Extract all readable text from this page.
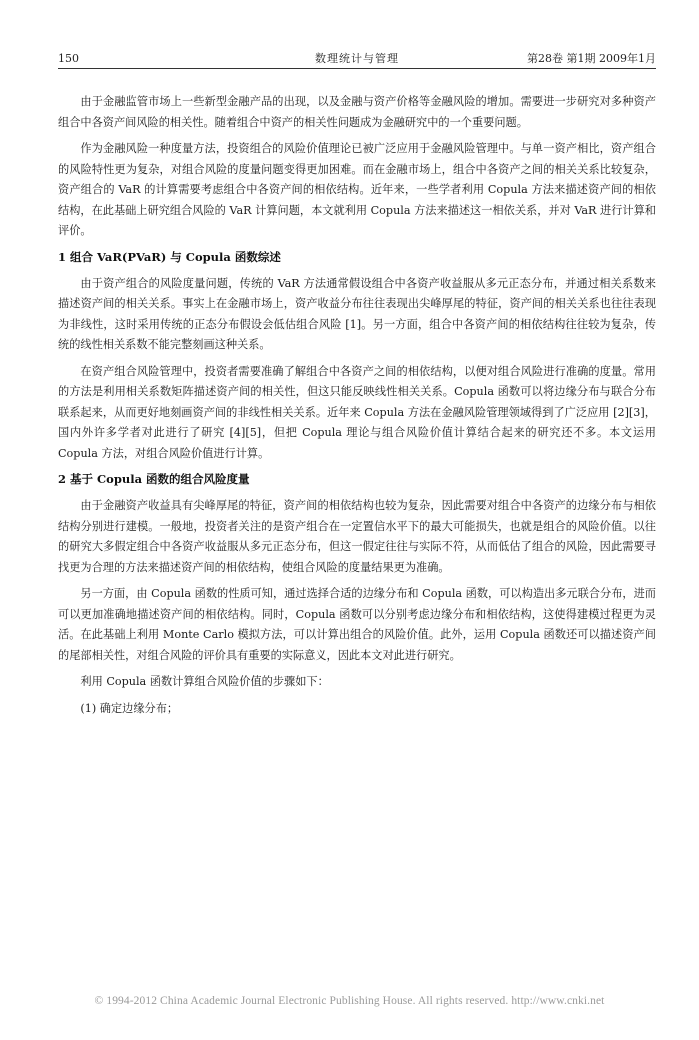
150	数理统计与管理	第28卷 第1期 2009年1月

由于金融监管市场上一些新型金融产品的出现，以及金融与资产价格等金融风险的增加。需要进一步研究对多种资产组合中各资产间风险的相关性。随着组合中资产的相关性问题成为金融研究中的一个重要问题。

作为金融风险一种度量方法，投资组合的风险价值理论已被广泛应用于金融风险管理中。与单一资产相比，资产组合的风险特性更为复杂，对组合风险的度量问题变得更加困难。而在金融市场上，组合中各资产之间的相关关系比较复杂，资产组合的 VaR 的计算需要考虑组合中各资产间的相依结构。近年来，一些学者利用 Copula 方法来描述资产间的相依结构，在此基础上研究组合风险的 VaR 计算问题，本文就利用 Copula 方法来描述这一相依关系，并对 VaR 进行计算和评价。

1 组合 VaR(PVaR) 与 Copula 函数综述

由于资产组合的风险度量问题，传统的 VaR 方法通常假设组合中各资产收益服从多元正态分布，并通过相关系数来描述资产间的相关关系。事实上在金融市场上，资产收益分布往往表现出尖峰厚尾的特征，资产间的相关关系也往往表现为非线性，这时采用传统的正态分布假设会低估组合风险 [1]。另一方面，组合中各资产间的相依结构往往较为复杂，传统的线性相关系数不能完整刻画这种关系。

在资产组合风险管理中，投资者需要准确了解组合中各资产之间的相依结构，以便对组合风险进行准确的度量。常用的方法是利用相关系数矩阵描述资产间的相关性，但这只能反映线性相关关系。Copula 函数可以将边缘分布与联合分布联系起来，从而更好地刻画资产间的非线性相关关系。近年来 Copula 方法在金融风险管理领域得到了广泛应用 [2][3]，国内外许多学者对此进行了研究 [4][5]，但把 Copula 理论与组合风险价值计算结合起来的研究还不多。本文运用 Copula 方法，对组合风险价值进行计算。

2 基于 Copula 函数的组合风险度量

由于金融资产收益具有尖峰厚尾的特征，资产间的相依结构也较为复杂，因此需要对组合中各资产的边缘分布与相依结构分别进行建模。一般地，投资者关注的是资产组合在一定置信水平下的最大可能损失，也就是组合的风险价值。以往的研究大多假定组合中各资产收益服从多元正态分布，但这一假定往往与实际不符，从而低估了组合的风险，因此需要寻找更为合理的方法来描述资产间的相依结构，使组合风险的度量结果更为准确。

另一方面，由 Copula 函数的性质可知，通过选择合适的边缘分布和 Copula 函数，可以构造出多元联合分布，进而可以更加准确地描述资产间的相依结构。同时，Copula 函数可以分别考虑边缘分布和相依结构，这使得建模过程更为灵活。在此基础上利用 Monte Carlo 模拟方法，可以计算出组合的风险价值。此外，运用 Copula 函数还可以描述资产间的尾部相关性，对组合风险的评价具有重要的实际意义，因此本文对此进行研究。

利用 Copula 函数计算组合风险价值的步骤如下：

(1) 确定边缘分布；

© 1994-2012 China Academic Journal Electronic Publishing House. All rights reserved. http://www.cnki.net
